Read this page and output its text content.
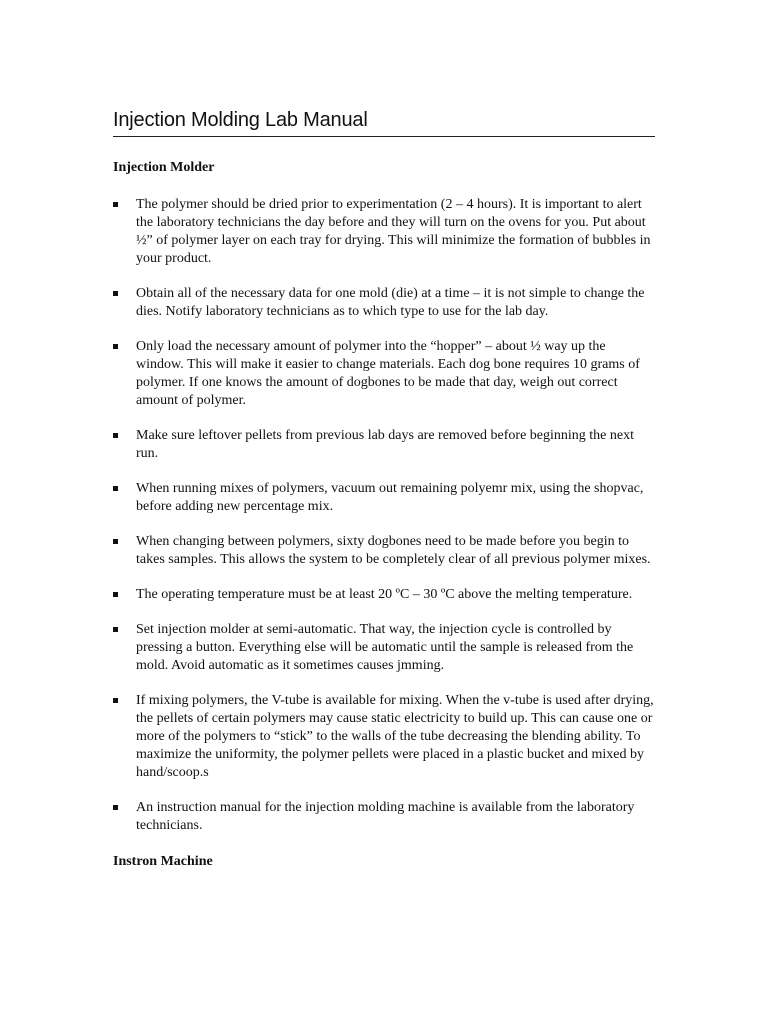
Injection Molding Lab Manual
Injection Molder
The polymer should be dried prior to experimentation (2 – 4 hours). It is important to alert the laboratory technicians the day before and they will turn on the ovens for you. Put about ½” of polymer layer on each tray for drying. This will minimize the formation of bubbles in your product.
Obtain all of the necessary data for one mold (die) at a time – it is not simple to change the dies. Notify laboratory technicians as to which type to use for the lab day.
Only load the necessary amount of polymer into the “hopper” – about ½ way up the window. This will make it easier to change materials. Each dog bone requires 10 grams of polymer. If one knows the amount of dogbones to be made that day, weigh out correct amount of polymer.
Make sure leftover pellets from previous lab days are removed before beginning the next run.
When running mixes of polymers, vacuum out remaining polyemr mix, using the shopvac, before adding new percentage mix.
When changing between polymers, sixty dogbones need to be made before you begin to takes samples. This allows the system to be completely clear of all previous polymer mixes.
The operating temperature must be at least 20 ºC – 30 ºC above the melting temperature.
Set injection molder at semi-automatic. That way, the injection cycle is controlled by pressing a button. Everything else will be automatic until the sample is released from the mold. Avoid automatic as it sometimes causes jmming.
If mixing polymers, the V-tube is available for mixing. When the v-tube is used after drying, the pellets of certain polymers may cause static electricity to build up. This can cause one or more of the polymers to “stick” to the walls of the tube decreasing the blending ability. To maximize the uniformity, the polymer pellets were placed in a plastic bucket and mixed by hand/scoop.s
An instruction manual for the injection molding machine is available from the laboratory technicians.
Instron Machine
